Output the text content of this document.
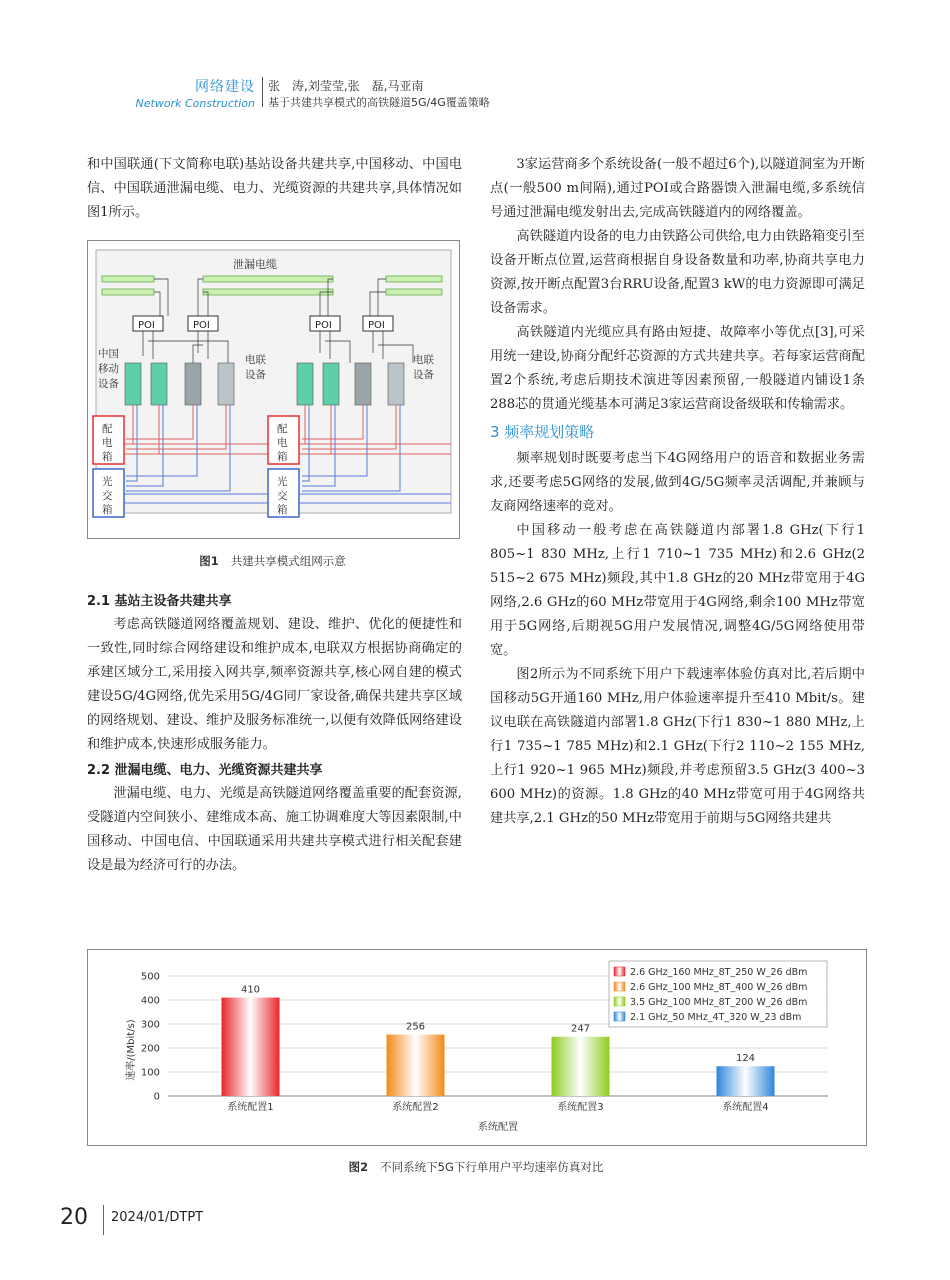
网络建设
Network Construction
张　涛,刘莹莹,张　磊,马亚南
基于共建共享模式的高铁隧道5G/4G覆盖策略

和中国联通(下文简称电联)基站设备共建共享,中国移动、中国电信、中国联通泄漏电缆、电力、光缆资源的共建共享,具体情况如图1所示。

泄漏电缆
POI	POI	POI	POI
中国
移动
设备
电联
设备
电联
设备
配
电
箱
配
电
箱
光
交
箱
光
交
箱
图1 共建共享模式组网示意

2.1 基站主设备共建共享

考虑高铁隧道网络覆盖规划、建设、维护、优化的便捷性和一致性,同时综合网络建设和维护成本,电联双方根据协商确定的承建区域分工,采用接入网共享,频率资源共享,核心网自建的模式建设5G/4G网络,优先采用5G/4G同厂家设备,确保共建共享区域的网络规划、建设、维护及服务标准统一,以便有效降低网络建设和维护成本,快速形成服务能力。

2.2 泄漏电缆、电力、光缆资源共建共享

泄漏电缆、电力、光缆是高铁隧道网络覆盖重要的配套资源,受隧道内空间狭小、建维成本高、施工协调难度大等因素限制,中国移动、中国电信、中国联通采用共建共享模式进行相关配套建设是最为经济可行的办法。

3家运营商多个系统设备(一般不超过6个),以隧道洞室为开断点(一般500 m间隔),通过POI或合路器馈入泄漏电缆,多系统信号通过泄漏电缆发射出去,完成高铁隧道内的网络覆盖。

高铁隧道内设备的电力由铁路公司供给,电力由铁路箱变引至设备开断点位置,运营商根据自身设备数量和功率,协商共享电力资源,按开断点配置3台RRU设备,配置3 kW的电力资源即可满足设备需求。

高铁隧道内光缆应具有路由短捷、故障率小等优点[3],可采用统一建设,协商分配纤芯资源的方式共建共享。若每家运营商配置2个系统,考虑后期技术演进等因素预留,一般隧道内铺设1条288芯的贯通光缆基本可满足3家运营商设备级联和传输需求。

3 频率规划策略

频率规划时既要考虑当下4G网络用户的语音和数据业务需求,还要考虑5G网络的发展,做到4G/5G频率灵活调配,并兼顾与友商网络速率的竞对。

中国移动一般考虑在高铁隧道内部署1.8 GHz(下行1 805~1 830 MHz,上行1 710~1 735 MHz)和2.6 GHz(2 515~2 675 MHz)频段,其中1.8 GHz的20 MHz带宽用于4G网络,2.6 GHz的60 MHz带宽用于4G网络,剩余100 MHz带宽用于5G网络,后期视5G用户发展情况,调整4G/5G网络使用带宽。

图2所示为不同系统下用户下载速率体验仿真对比,若后期中国移动5G开通160 MHz,用户体验速率提升至410 Mbit/s。建议电联在高铁隧道内部署1.8 GHz(下行1 830~1 880 MHz,上行1 735~1 785 MHz)和2.1 GHz(下行2 110~2 155 MHz,上行1 920~1 965 MHz)频段,并考虑预留3.5 GHz(3 400~3 600 MHz)的资源。1.8 GHz的40 MHz带宽可用于4G网络共建共享,2.1 GHz的50 MHz带宽用于前期与5G网络共建共

速率/(Mbit/s)
系统配置
0
100
200
300
400
500
410
系统配置1
256
系统配置2
247
系统配置3
124
系统配置4
2.6 GHz_160 MHz_8T_250 W_26 dBm
2.6 GHz_100 MHz_8T_400 W_26 dBm
3.5 GHz_100 MHz_8T_200 W_26 dBm
2.1 GHz_50 MHz_4T_320 W_23 dBm
图2 不同系统下5G下行单用户平均速率仿真对比
20 2024/01/DTPT
